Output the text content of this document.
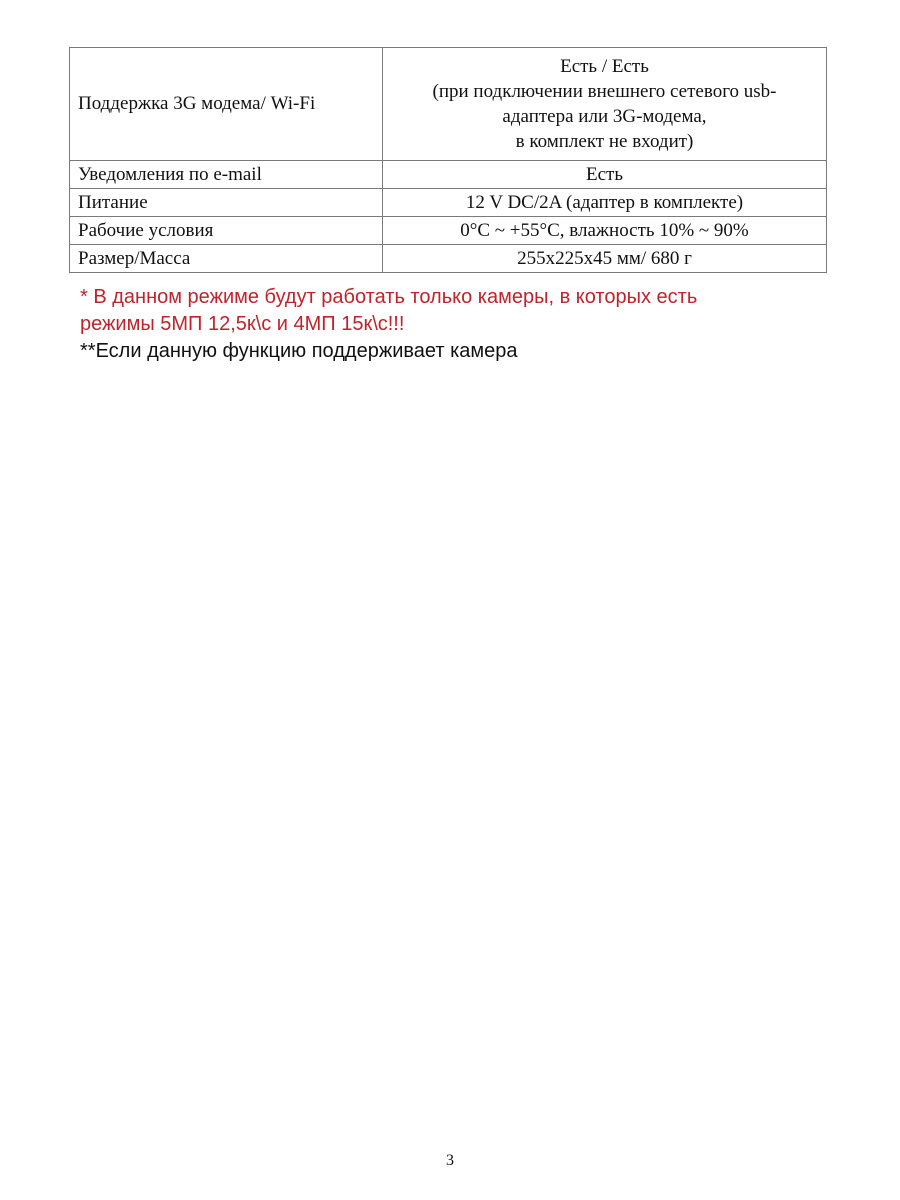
Поддержка 3G модема/ Wi-Fi	Есть / Есть
(при подключении внешнего сетевого usb-
адаптера или 3G-модема,
в комплект не входит)

Уведомления по e-mail	Есть
Питание	12 V DC/2A (адаптер в комплекте)
Рабочие условия	0°С ~ +55°С, влажность 10% ~ 90%
Размер/Масса	255x225x45 мм/ 680 г
* В данном режиме будут работать только камеры, в которых есть
режимы 5МП 12,5к\с и 4МП 15к\с!!!
**Если данную функцию поддерживает камера
3
